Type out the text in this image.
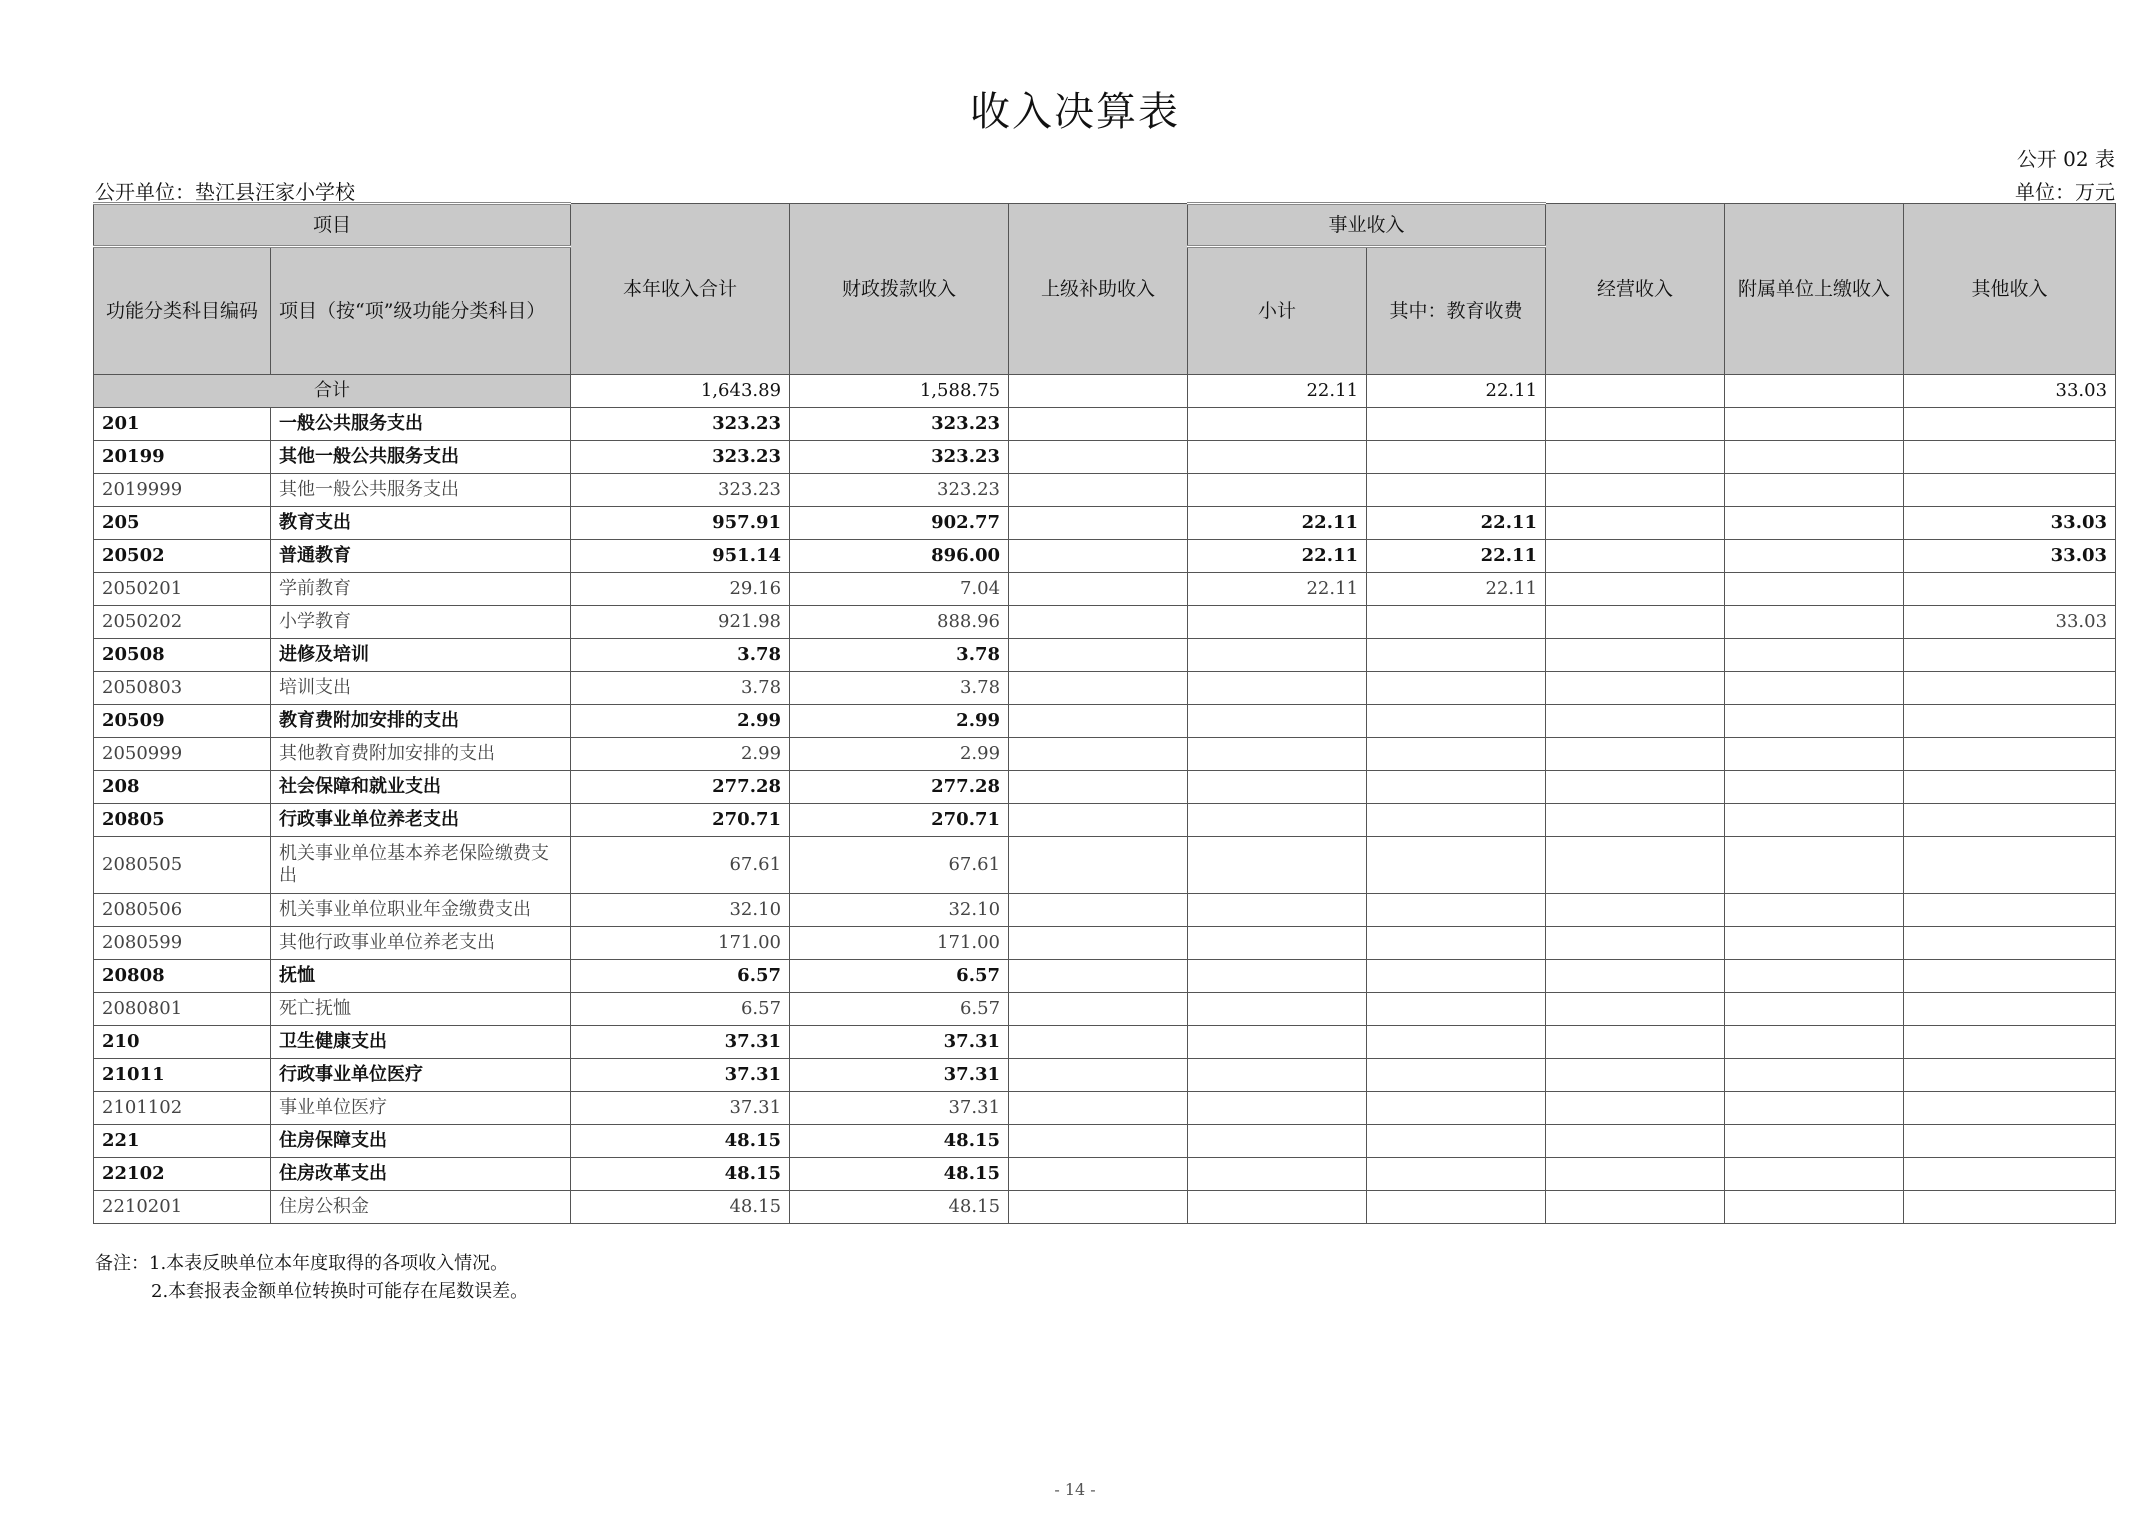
收入决算表
公开 02 表
公开单位：垫江县汪家小学校	单位：万元
项目		本年收入合计	财政拨款收入	上级补助收入	事业收入		经营收入	附属单位上缴收入	其他收入
功能分类科目编码	项目（按“项”级功能分类科目）				小计	其中：教育收费			
合计		1,643.89	1,588.75		22.11	22.11			33.03
201	一般公共服务支出	323.23	323.23						
20199	其他一般公共服务支出	323.23	323.23						
2019999	其他一般公共服务支出	323.23	323.23						
205	教育支出	957.91	902.77		22.11	22.11			33.03
20502	普通教育	951.14	896.00		22.11	22.11			33.03
2050201	学前教育	29.16	7.04		22.11	22.11			
2050202	小学教育	921.98	888.96						33.03
20508	进修及培训	3.78	3.78						
2050803	培训支出	3.78	3.78						
20509	教育费附加安排的支出	2.99	2.99						
2050999	其他教育费附加安排的支出	2.99	2.99						
208	社会保障和就业支出	277.28	277.28						
20805	行政事业单位养老支出	270.71	270.71						
2080505	机关事业单位基本养老保险缴费支出	67.61	67.61						
2080506	机关事业单位职业年金缴费支出	32.10	32.10						
2080599	其他行政事业单位养老支出	171.00	171.00						
20808	抚恤	6.57	6.57						
2080801	死亡抚恤	6.57	6.57						
210	卫生健康支出	37.31	37.31						
21011	行政事业单位医疗	37.31	37.31						
2101102	事业单位医疗	37.31	37.31						
221	住房保障支出	48.15	48.15						
22102	住房改革支出	48.15	48.15						
2210201	住房公积金	48.15	48.15						
备注：1.本表反映单位本年度取得的各项收入情况。
2.本套报表金额单位转换时可能存在尾数误差。
- 14 -
